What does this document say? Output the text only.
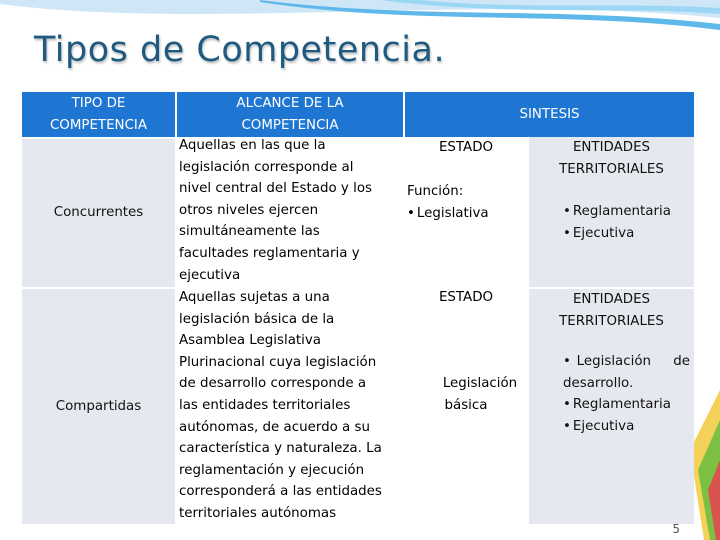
Tipos de Competencia.
TIPO DE
COMPETENCIA
ALCANCE DE LA
COMPETENCIA
SINTESIS
Concurrentes
Aquellas en las que la
legislación corresponde al
nivel central del Estado y los
otros niveles ejercen
simultáneamente las
facultades reglamentaria y
ejecutiva
ESTADO	ENTIDADES
TERRITORIALES
Función:
• Legislativa
•	Reglamentaria
• Ejecutiva
Compartidas
Aquellas sujetas a una
legislación básica de la
Asamblea Legislativa
Plurinacional cuya legislación
de desarrollo corresponde a
las entidades territoriales
autónomas, de acuerdo a su
característica y naturaleza. La
reglamentación y ejecución
corresponderá a las entidades
territoriales autónomas
ESTADO	ENTIDADES
TERRITORIALES
Legislación
básica
• Legislación de
desarrollo.
• Reglamentaria
• Ejecutiva
5
